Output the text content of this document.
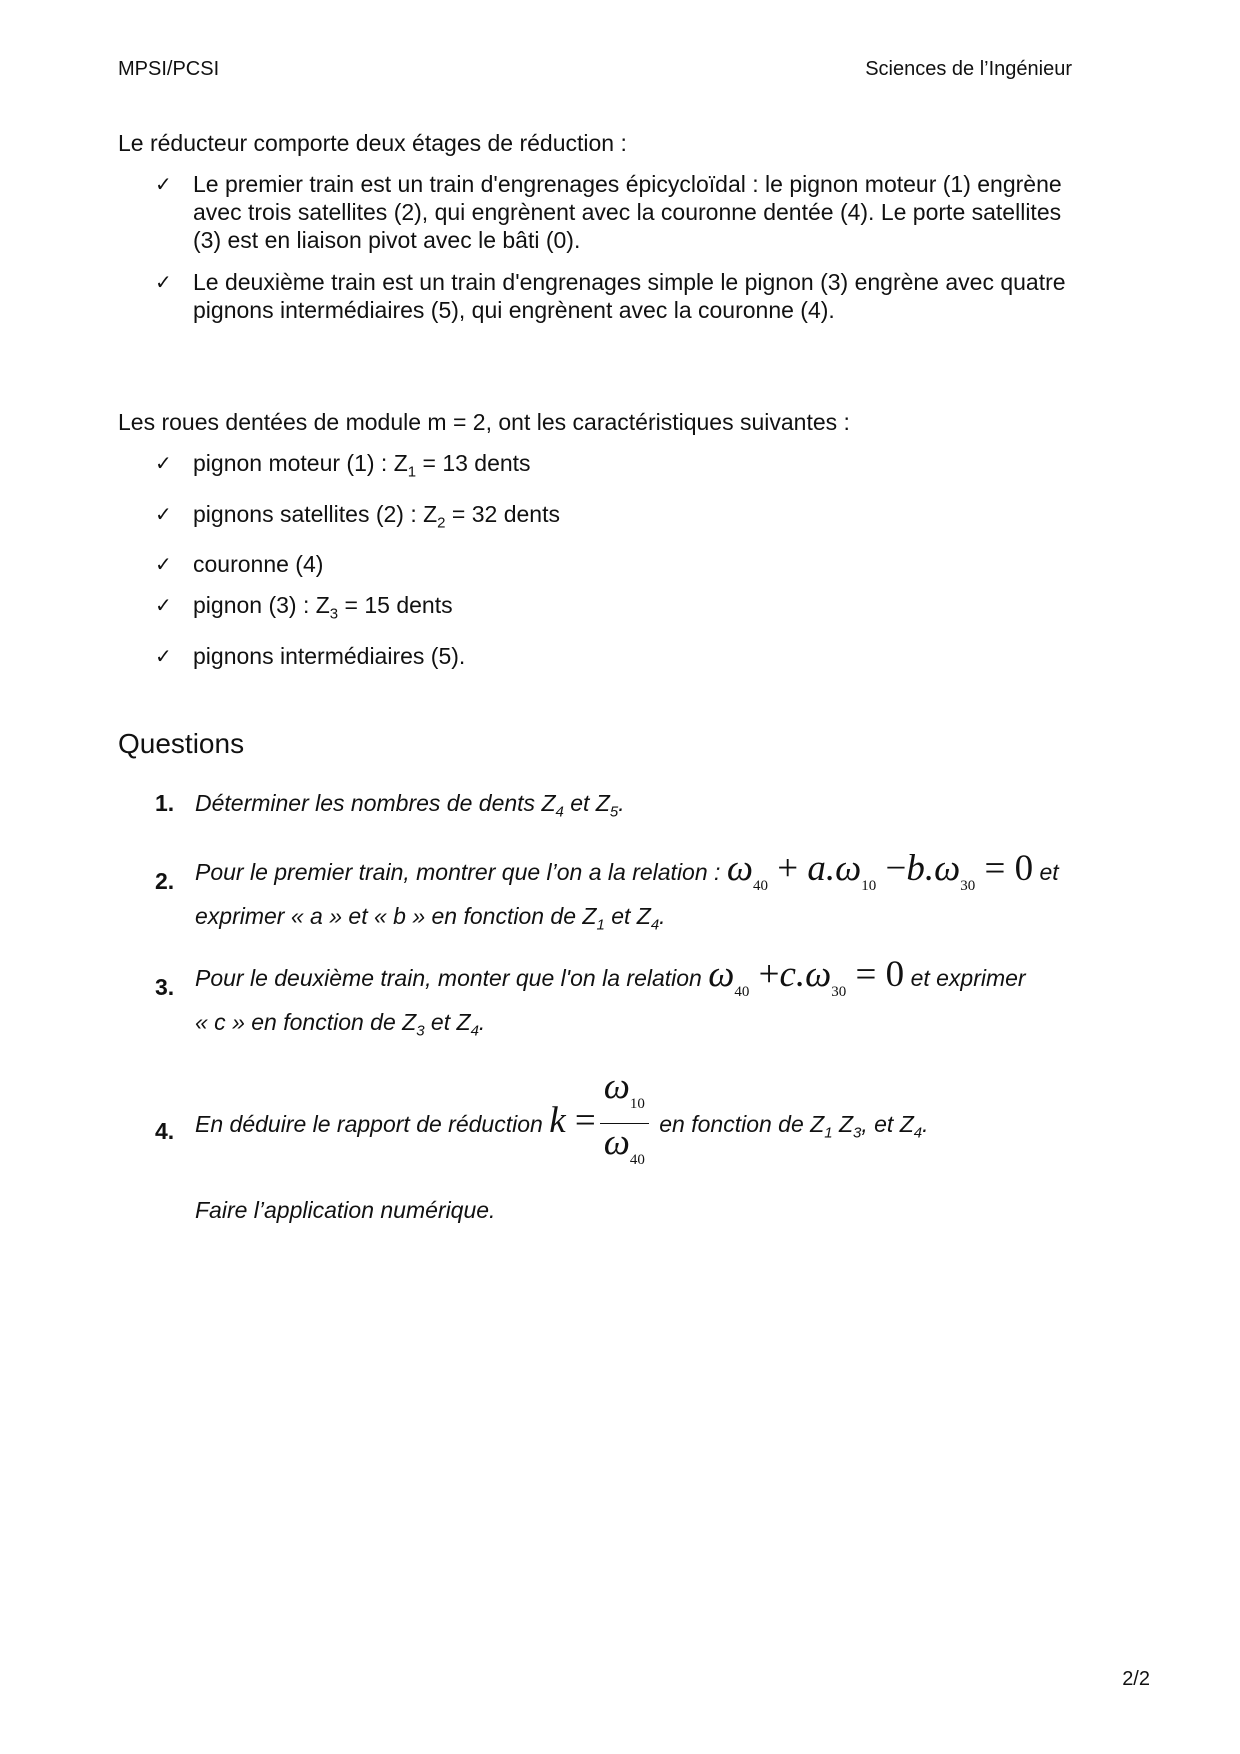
MPSI/PCSI	Sciences de l’Ingénieur
Le réducteur comporte deux étages de réduction :
✓ Le premier train est un train d'engrenages épicycloïdal : le pignon moteur (1) engrène
avec trois satellites (2), qui engrènent avec la couronne dentée (4). Le porte satellites
(3) est en liaison pivot avec le bâti (0).
✓ Le deuxième train est un train d'engrenages simple le pignon (3) engrène avec quatre
pignons intermédiaires (5), qui engrènent avec la couronne (4).
Les roues dentées de module m = 2, ont les caractéristiques suivantes :
✓ pignon moteur (1) : $Z_1 = 13$ dents
✓ pignons satellites (2) : $Z_2 = 32$ dents
✓ couronne (4)
✓ pignon (3) : $Z_3 = 15$ dents
✓ pignons intermédiaires (5).
Questions
1. Déterminer les nombres de dents $Z_4$ et $Z_5$.
2. Pour le premier train, montrer que l’on a la relation : $\omega_{40} + a.\omega_{10} -b.\omega_{30} = 0$ et
exprimer « a » et « b » en fonction de $Z_1$ et $Z_4$.
3. Pour le deuxième train, monter que l'on la relation $\omega_{40} +c.\omega_{30} = 0$ et exprimer
« c » en fonction de $Z_3$ et $Z_4$.
4. En déduire le rapport de réduction $k = \frac{\omega_{10}}{\omega_{40}}$ en fonction de $Z_1$ $Z_3$, et $Z_4$.
Faire l’application numérique.
2/2
